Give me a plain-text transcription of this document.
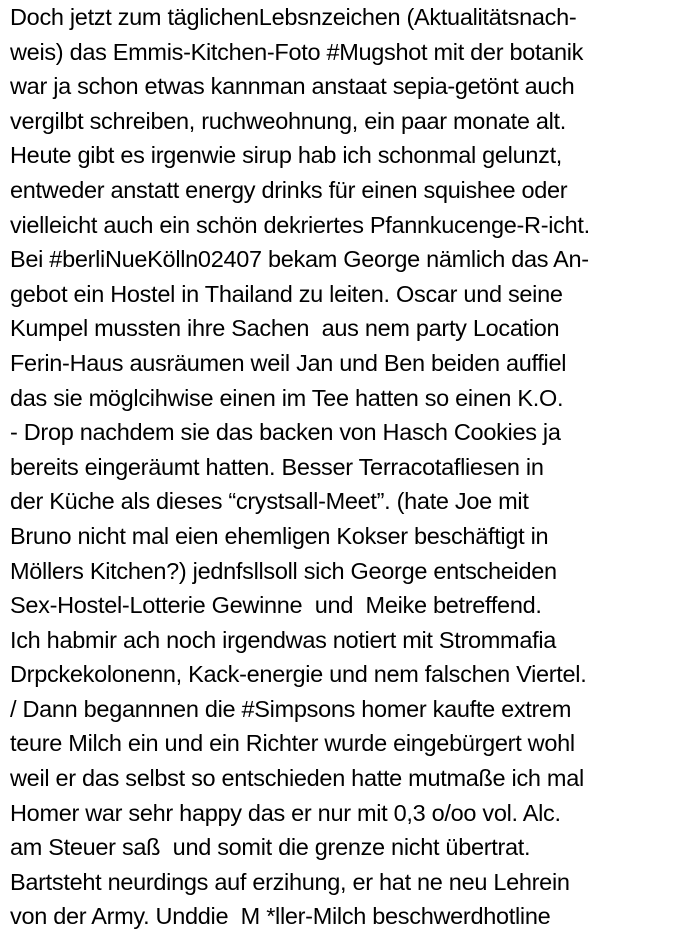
Doch jetzt zum täglichenLebsnzeichen (Aktualitätsnach-
weis) das Emmis-Kitchen-Foto #Mugshot mit der botanik
war ja schon etwas kannman anstaat sepia-getönt auch
vergilbt schreiben, ruchweohnung, ein paar monate alt.
Heute gibt es irgenwie sirup hab ich schonmal gelunzt,
entweder anstatt energy drinks für einen squishee oder
vielleicht auch ein schön dekriertes Pfannkucenge-R-icht.
Bei #berliNueKölln02407 bekam George nämlich das An-
gebot ein Hostel in Thailand zu leiten. Oscar und seine
Kumpel mussten ihre Sachen  aus nem party Location
Ferin-Haus ausräumen weil Jan und Ben beiden auffiel
das sie möglcihwise einen im Tee hatten so einen K.O.
- Drop nachdem sie das backen von Hasch Cookies ja
bereits eingeräumt hatten. Besser Terracotafliesen in
der Küche als dieses “crystsall-Meet”. (hate Joe mit
Bruno nicht mal eien ehemligen Kokser beschäftigt in
Möllers Kitchen?) jednfsllsoll sich George entscheiden
Sex-Hostel-Lotterie Gewinne  und  Meike betreffend.
Ich habmir ach noch irgendwas notiert mit Strommafia
Drpckekolonenn, Kack-energie und nem falschen Viertel.
/ Dann begannnen die #Simpsons homer kaufte extrem
teure Milch ein und ein Richter wurde eingebürgert wohl
weil er das selbst so entschieden hatte mutmaße ich mal
Homer war sehr happy das er nur mit 0,3 o/oo vol. Alc.
am Steuer saß  und somit die grenze nicht übertrat.
Bartsteht neurdings auf erzihung, er hat ne neu Lehrein
von der Army. Unddie  M *ller-Milch beschwerdhotline
